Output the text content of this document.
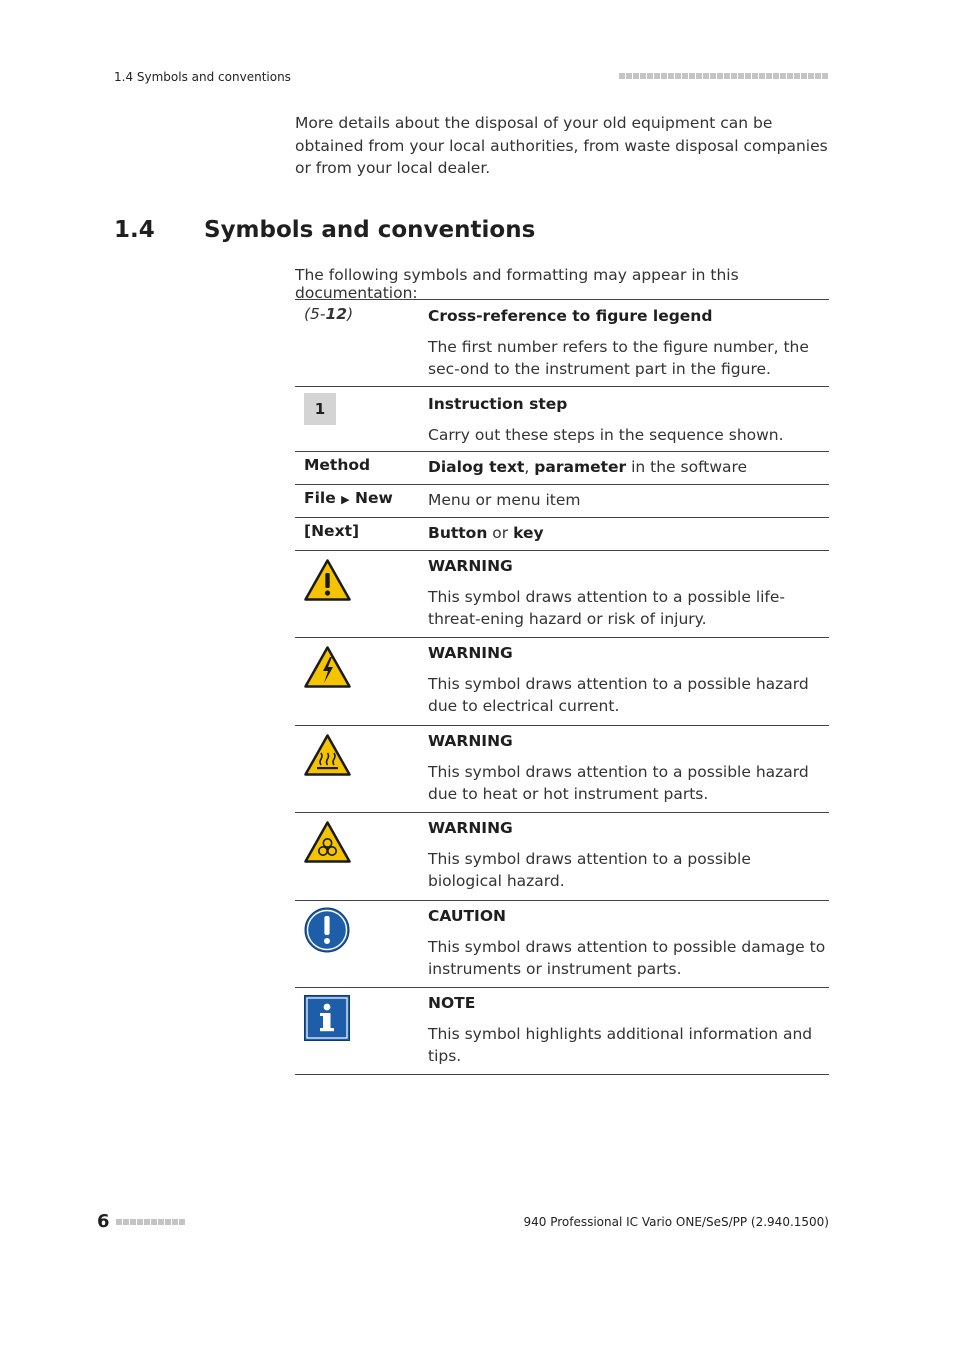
1.4 Symbols and conventions
More details about the disposal of your old equipment can be obtained from your local authorities, from waste disposal companies or from your local dealer.
1.4 Symbols and conventions
The following symbols and formatting may appear in this documentation:
(5-12)	Cross-reference to figure legend
The first number refers to the figure number, the sec-ond to the instrument part in the figure.
1	Instruction step
Carry out these steps in the sequence shown.
Method	Dialog text, parameter in the software
File ▶ New	Menu or menu item
[Next]	Button or key
WARNING
This symbol draws attention to a possible life-threat-ening hazard or risk of injury.
WARNING
This symbol draws attention to a possible hazard due to electrical current.
WARNING
This symbol draws attention to a possible hazard due to heat or hot instrument parts.
WARNING
This symbol draws attention to a possible biological hazard.
CAUTION
This symbol draws attention to possible damage to instruments or instrument parts.
NOTE
This symbol highlights additional information and tips.
6	940 Professional IC Vario ONE/SeS/PP (2.940.1500)
